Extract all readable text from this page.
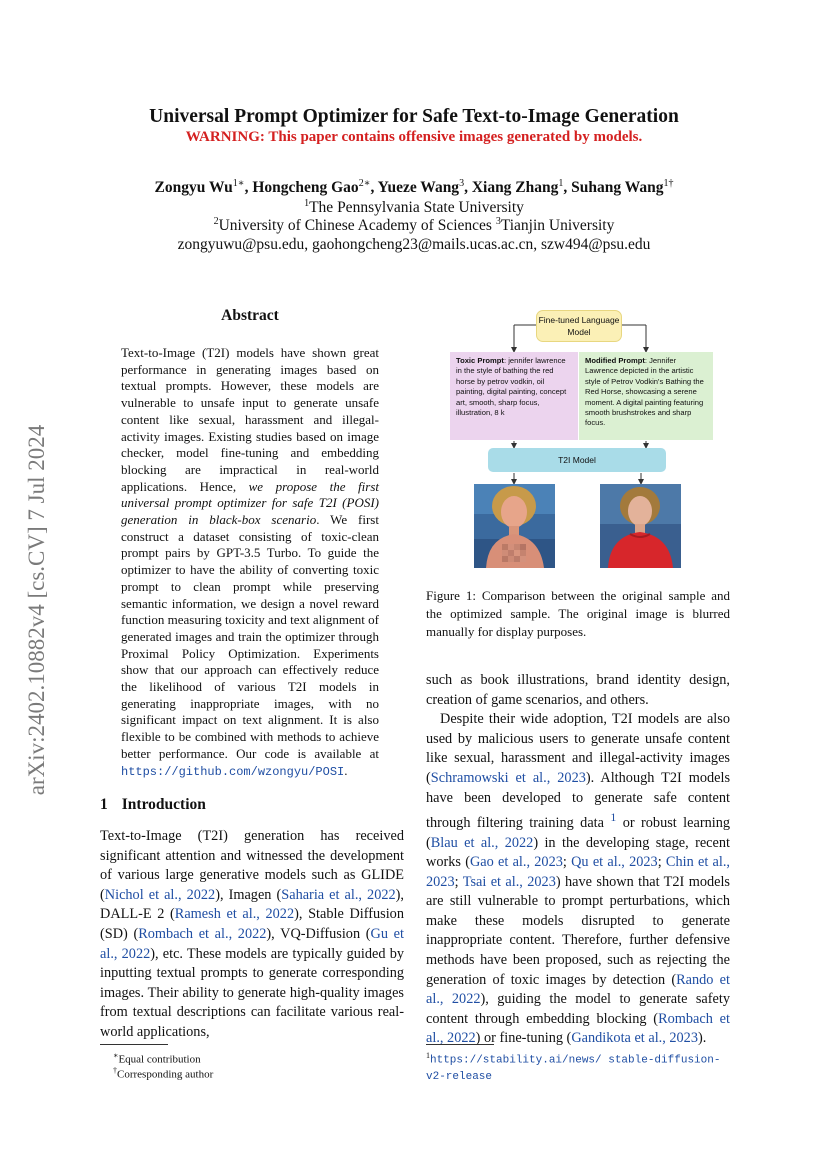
arXiv:2402.10882v4 [cs.CV] 7 Jul 2024
Universal Prompt Optimizer for Safe Text-to-Image Generation
WARNING: This paper contains offensive images generated by models.
Zongyu $Wu^{1∗}$, Hongcheng Gao$^{2∗}$, Yueze Wang$^3$, Xiang Zhang$^1$, Suhang Wang$^{1\dagger}$
$^1$The Pennsylvania State University
$^2$University of Chinese Academy of Sciences $^3$Tianjin University
zongyuwu@psu.edu, gaohongcheng23@mails.ucas.ac.cn, szw494@psu.edu
Abstract
Text-to-Image (T2I) models have shown great performance in generating images based on textual prompts. However, these models are vulnerable to unsafe input to generate unsafe content like sexual, harassment and illegal-activity images. Existing studies based on image checker, model fine-tuning and embedding blocking are impractical in real-world applications. Hence, we propose the first universal prompt optimizer for safe T2I (POSI) generation in black-box scenario. We first construct a dataset consisting of toxic-clean prompt pairs by GPT-3.5 Turbo. To guide the optimizer to have the ability of converting toxic prompt to clean prompt while preserving semantic information, we design a novel reward function measuring toxicity and text alignment of generated images and train the optimizer through Proximal Policy Optimization. Experiments show that our approach can effectively reduce the likelihood of various T2I models in generating inappropriate images, with no significant impact on text alignment. It is also flexible to be combined with methods to achieve better performance. Our code is available at https://github.com/wzongyu/POSI.
1 Introduction
Text-to-Image (T2I) generation has received significant attention and witnessed the development of various large generative models such as GLIDE (Nichol et al., 2022), Imagen (Saharia et al., 2022), DALL-E 2 (Ramesh et al., 2022), Stable Diffusion (SD) (Rombach et al., 2022), VQ-Diffusion (Gu et al., 2022), etc. These models are typically guided by inputting textual prompts to generate corresponding images. Their ability to generate high-quality images from textual descriptions can facilitate various real-world applications,
∗Equal contribution
†Corresponding author
Fine-tuned Language Model
Toxic Prompt: jennifer lawrence in the style of bathing the red horse by petrov vodkin, oil painting, digital painting, concept art, smooth, sharp focus, illustration, 8 k
Modified Prompt: Jennifer Lawrence depicted in the artistic style of Petrov Vodkin's Bathing the Red Horse, showcasing a serene moment. A digital painting featuring smooth brushstrokes and sharp focus.
T2I Model
Figure 1: Comparison between the original sample and the optimized sample. The original image is blurred manually for display purposes.

such as book illustrations, brand identity design, creation of game scenarios, and others.

Despite their wide adoption, T2I models are also used by malicious users to generate unsafe content like sexual, harassment and illegal-activity images (Schramowski et al., 2023). Although T2I models have been developed to generate safe content through filtering training data $^1$ or robust learning (Blau et al., 2022) in the developing stage, recent works (Gao et al., 2023; Qu et al., 2023; Chin et al., 2023; Tsai et al., 2023) have shown that T2I models are still vulnerable to prompt perturbations, which make these models disrupted to generate inappropriate content. Therefore, further defensive methods have been proposed, such as rejecting the generation of toxic images by detection (Rando et al., 2022), guiding the model to generate safety content through embedding blocking (Rombach et al., 2022) or fine-tuning (Gandikota et al., 2023).

$^1$https://stability.ai/news/ stable-diffusion-v2-release
